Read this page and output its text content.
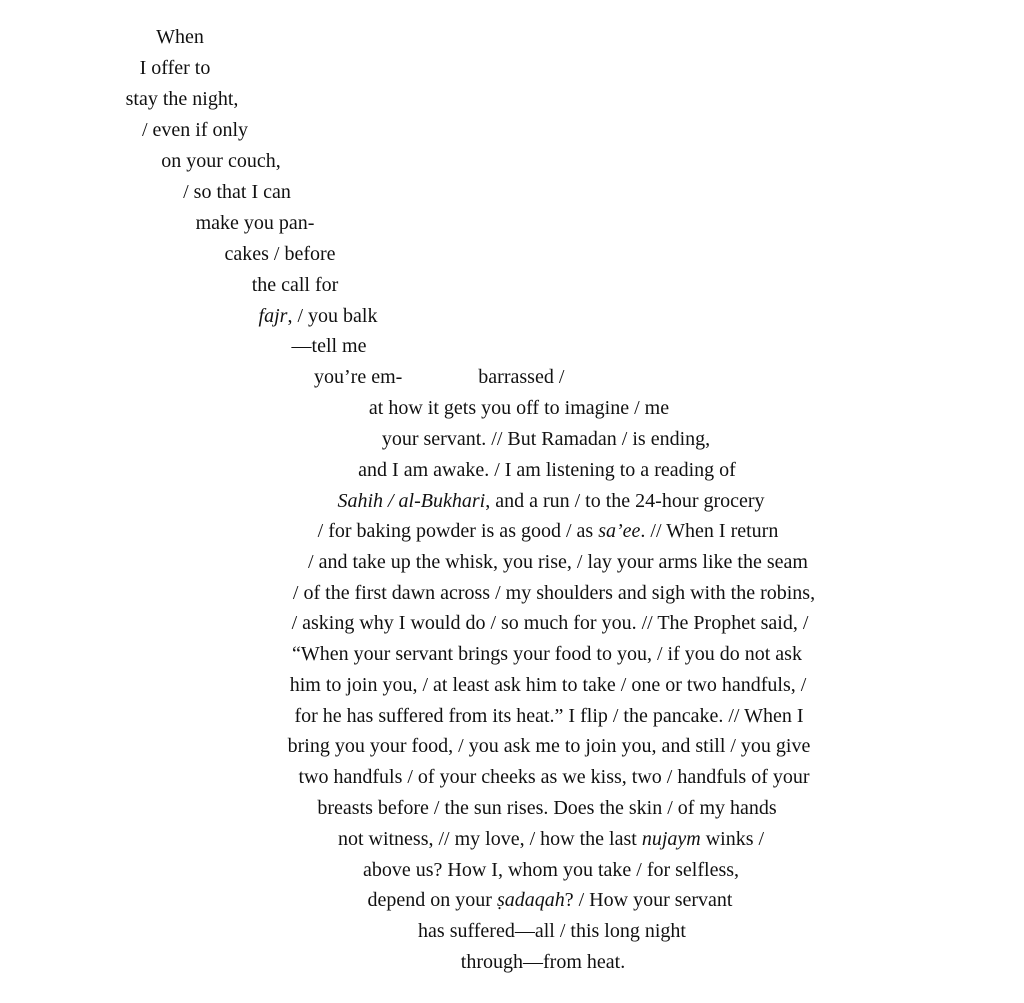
When
I offer to
stay the night,
/ even if only
on your couch,
/ so that I can
make you pan-
cakes / before
the call for
fajr, / you balk
—tell me
you’re em-	barrassed /
at how it gets you off to imagine / me
your servant. // But Ramadan / is ending,
and I am awake. / I am listening to a reading of
Sahih / al-Bukhari, and a run / to the 24-hour grocery
/ for baking powder is as good / as sa’ee. // When I return
/ and take up the whisk, you rise, / lay your arms like the seam
/ of the first dawn across / my shoulders and sigh with the robins,
/ asking why I would do / so much for you. // The Prophet said, /
“When your servant brings your food to you, / if you do not ask
him to join you, / at least ask him to take / one or two handfuls, /
for he has suffered from its heat.” I flip / the pancake. // When I
bring you your food, / you ask me to join you, and still / you give
two handfuls / of your cheeks as we kiss, two / handfuls of your
breasts before / the sun rises. Does the skin / of my hands
not witness, // my love, / how the last nujaym winks /
above us? How I, whom you take / for selfless,
depend on your ṣadaqah? / How your servant
has suffered—all / this long night
through—from heat.
